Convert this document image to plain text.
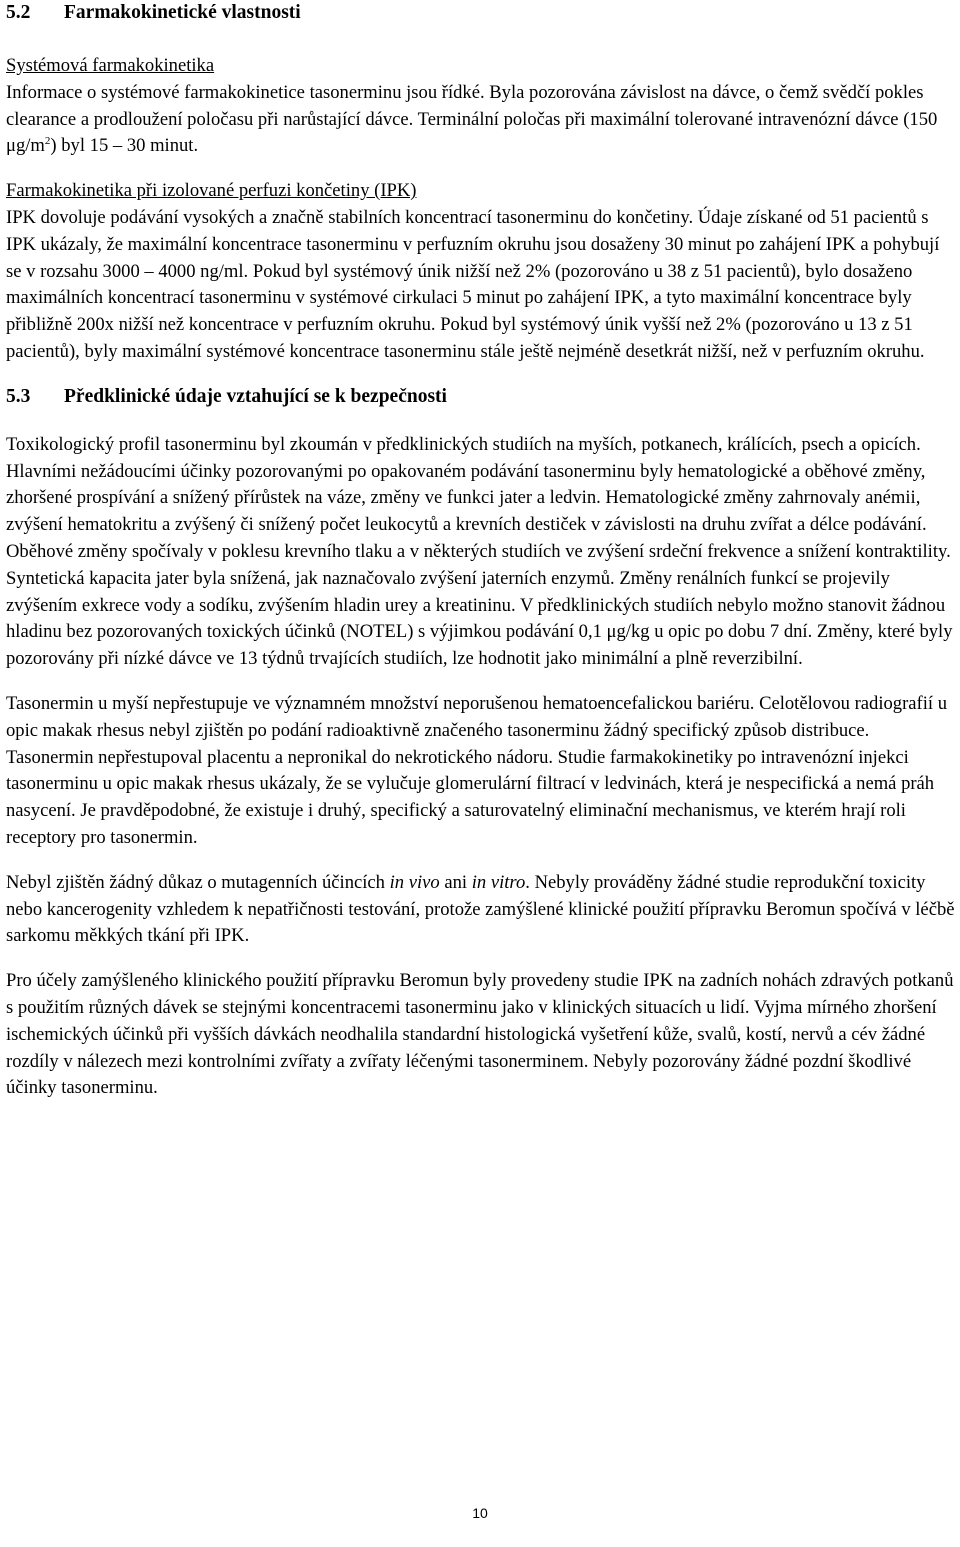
5.2	Farmakokinetické vlastnosti

Systémová farmakokinetika

Informace o systémové farmakokinetice tasonerminu jsou řídké. Byla pozorována závislost na dávce, o čemž svědčí pokles clearance a prodloužení poločasu při narůstající dávce. Terminální poločas při maximální tolerované intravenózní dávce (150 $\mu g/m^2$) byl 15 – 30 minut.

Farmakokinetika při izolované perfuzi končetiny (IPK)

IPK dovoluje podávání vysokých a značně stabilních koncentrací tasonerminu do končetiny. Údaje získané od 51 pacientů s IPK ukázaly, že maximální koncentrace tasonerminu v perfuzním okruhu jsou dosaženy 30 minut po zahájení IPK a pohybují se v rozsahu 3000 – 4000 ng/ml. Pokud byl systémový únik nižší než 2% (pozorováno u 38 z 51 pacientů), bylo dosaženo maximálních koncentrací tasonerminu v systémové cirkulaci 5 minut po zahájení IPK, a tyto maximální koncentrace byly přibližně 200x nižší než koncentrace v perfuzním okruhu. Pokud byl systémový únik vyšší než 2% (pozorováno u 13 z 51 pacientů), byly maximální systémové koncentrace tasonerminu stále ještě nejméně desetkrát nižší, než v perfuzním okruhu.

5.3	Předklinické údaje vztahující se k bezpečnosti

Toxikologický profil tasonerminu byl zkoumán v předklinických studiích na myších, potkanech, králících, psech a opicích. Hlavními nežádoucími účinky pozorovanými po opakovaném podávání tasonerminu byly hematologické a oběhové změny, zhoršené prospívání a snížený přírůstek na váze, změny ve funkci jater a ledvin. Hematologické změny zahrnovaly anémii, zvýšení hematokritu a zvýšený či snížený počet leukocytů a krevních destiček v závislosti na druhu zvířat a délce podávání. Oběhové změny spočívaly v poklesu krevního tlaku a v některých studiích ve zvýšení srdeční frekvence a snížení kontraktility. Syntetická kapacita jater byla snížená, jak naznačovalo zvýšení jaterních enzymů. Změny renálních funkcí se projevily zvýšením exkrece vody a sodíku, zvýšením hladin urey a kreatininu. V předklinických studiích nebylo možno stanovit žádnou hladinu bez pozorovaných toxických účinků (NOTEL) s výjimkou podávání 0,1 μg/kg u opic po dobu 7 dní. Změny, které byly pozorovány při nízké dávce ve 13 týdnů trvajících studiích, lze hodnotit jako minimální a plně reverzibilní.

Tasonermin u myší nepřestupuje ve významném množství neporušenou hematoencefalickou bariéru. Celotělovou radiografií u opic makak rhesus nebyl zjištěn po podání radioaktivně značeného tasonerminu žádný specifický způsob distribuce. Tasonermin nepřestupoval placentu a nepronikal do nekrotického nádoru. Studie farmakokinetiky po intravenózní injekci tasonerminu u opic makak rhesus ukázaly, že se vylučuje glomerulární filtrací v ledvinách, která je nespecifická a nemá práh nasycení. Je pravděpodobné, že existuje i druhý, specifický a saturovatelný eliminační mechanismus, ve kterém hrají roli receptory pro tasonermin.

Nebyl zjištěn žádný důkaz o mutagenních účincích in vivo ani in vitro. Nebyly prováděny žádné studie reprodukční toxicity nebo kancerogenity vzhledem k nepatřičnosti testování, protože zamýšlené klinické použití přípravku Beromun spočívá v léčbě sarkomu měkkých tkání při IPK.

Pro účely zamýšleného klinického použití přípravku Beromun byly provedeny studie IPK na zadních nohách zdravých potkanů s použitím různých dávek se stejnými koncentracemi tasonerminu jako v klinických situacích u lidí. Vyjma mírného zhoršení ischemických účinků při vyšších dávkách neodhalila standardní histologická vyšetření kůže, svalů, kostí, nervů a cév žádné rozdíly v nálezech mezi kontrolními zvířaty a zvířaty léčenými tasonerminem. Nebyly pozorovány žádné pozdní škodlivé účinky tasonerminu.

10
